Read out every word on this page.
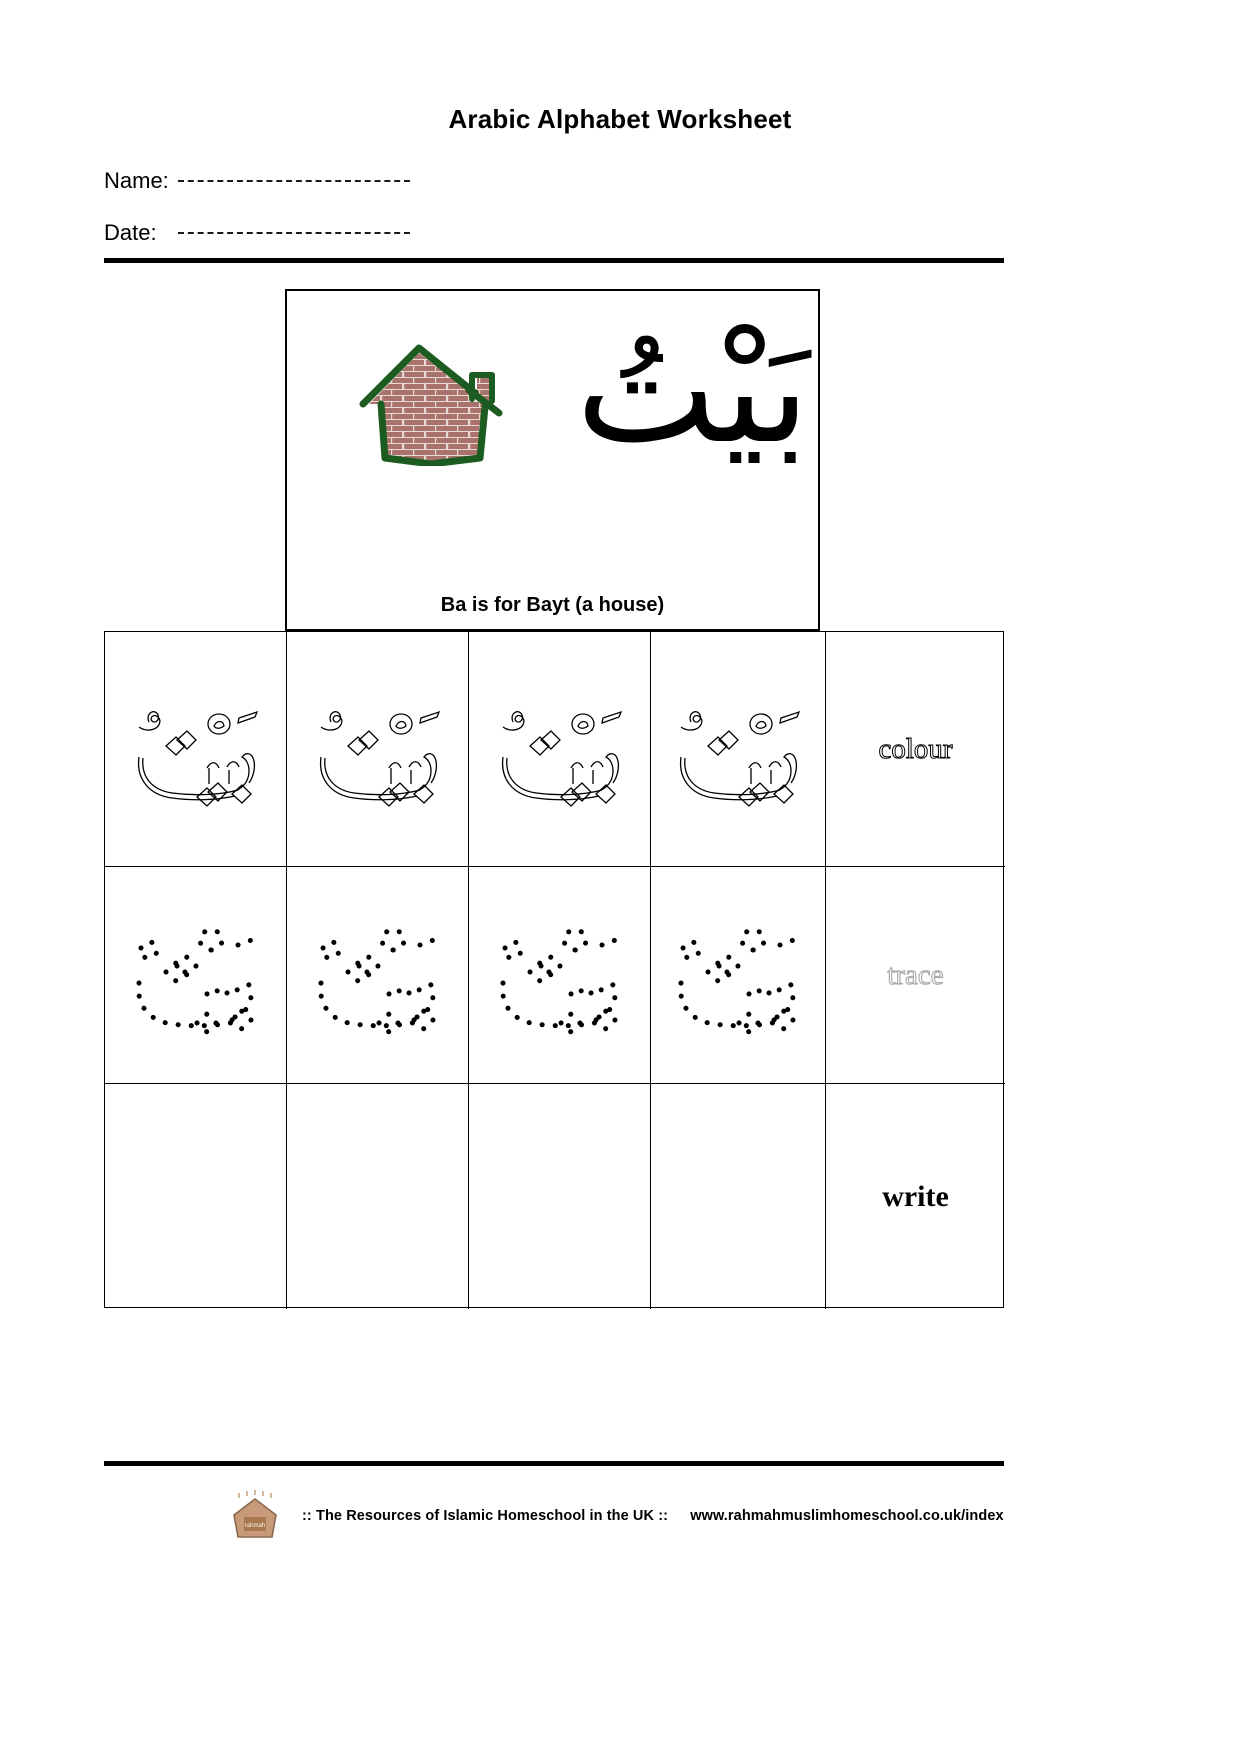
Arabic Alphabet Worksheet
Name:
Date:
بَيْتُ
Ba is for Bayt (a house)
colour
trace
write
rahmah
:: The Resources of Islamic Homeschool in the UK :: www.rahmahmuslimhomeschool.co.uk/index
